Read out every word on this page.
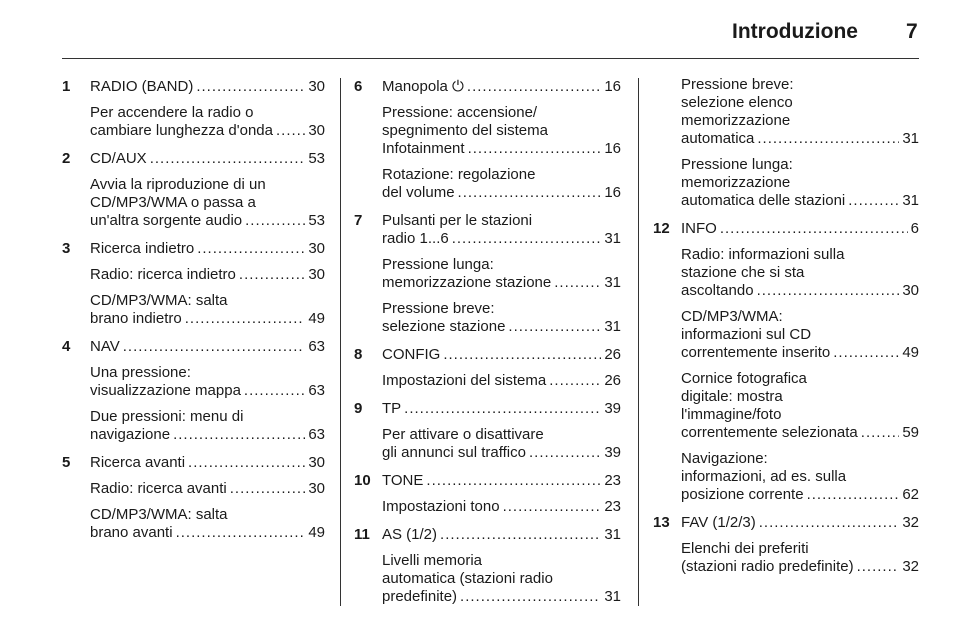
Introduzione 7
1	RADIO (BAND) .....	30
Per accendere la radio o
cambiare lunghezza d'onda ..... 30
2	CD/AUX .....	53
Avvia la riproduzione di un
CD/MP3/WMA o passa a
un'altra sorgente audio .....	53
3	Ricerca indietro .....	30
Radio: ricerca indietro .....	30
CD/MP3/WMA: salta
brano indietro .....	49
4	NAV .....	63
Una pressione:
visualizzazione mappa .....	63
Due pressioni: menu di
navigazione .....	63
5	Ricerca avanti .....	30
Radio: ricerca avanti .....	30
CD/MP3/WMA: salta
brano avanti .....	49
6	Manopola ⏻ .....	16
Pressione: accensione/
spegnimento del sistema
Infotainment .....	16
Rotazione: regolazione
del volume .....	16
7	Pulsanti per le stazioni
radio 1...6 .....	31
Pressione lunga:
memorizzazione stazione .....	31
Pressione breve:
selezione stazione .....	31
8	CONFIG .....	26
Impostazioni del sistema .....	26
9	TP .....	39
Per attivare o disattivare
gli annunci sul traffico .....	39
10 TONE .....	23
Impostazioni tono .....	23
11 AS (1/2) .....	31
Livelli memoria
automatica (stazioni radio
predefinite) .....	31
Pressione breve:
selezione elenco
memorizzazione
automatica .....	31
Pressione lunga:
memorizzazione
automatica delle stazioni .....	31
12 INFO .....	6
Radio: informazioni sulla
stazione che si sta
ascoltando .....	30
CD/MP3/WMA:
informazioni sul CD
correntemente inserito .....	49
Cornice fotografica
digitale: mostra
l'immagine/foto
correntemente selezionata .....	59
Navigazione:
informazioni, ad es. sulla
posizione corrente .....	62
13 FAV (1/2/3) .....	32
Elenchi dei preferiti
(stazioni radio predefinite) .....	32
